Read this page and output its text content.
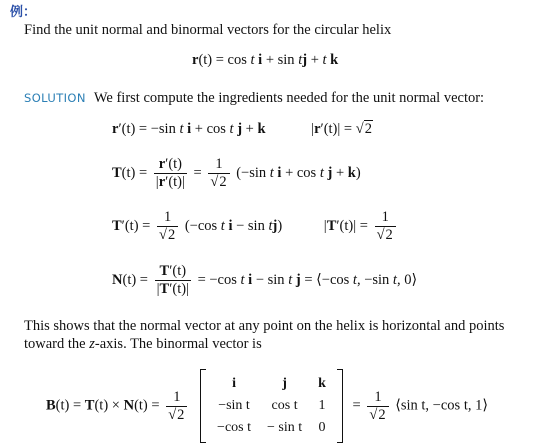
例：
Find the unit normal and binormal vectors for the circular helix
r(t) = cos t i + sin tj + t k
SOLUTION We first compute the ingredients needed for the unit normal vector:
r′(t) = −sin t i + cos t j + k	|r′(t)| = √2
$T(t) = \frac{r'(t)}{|r'(t)|} = \frac{1}{√2} (-\sin$ t i + cos t j + k)
$T'(t) = \frac{1}{√2} (-\cos$ t i − sin tj)	$|T'(t)| = \frac{1}{√2}$
$N(t) = \frac{T'(t)}{|T'(t)|} = -\cos$ t i − sin t j = ⟨−cos t, −sin t, 0⟩
This shows that the normal vector at any point on the helix is horizontal and points
toward the z-axis. The binormal vector is
$B(t) = T(t) \times N(t) = \frac{1}{√2}$

i	j	k
−sin t	cos t	1
−cos t	− sin t	0
= $\frac{1}{√2}$ ⟨sin t, −cos t, 1⟩
